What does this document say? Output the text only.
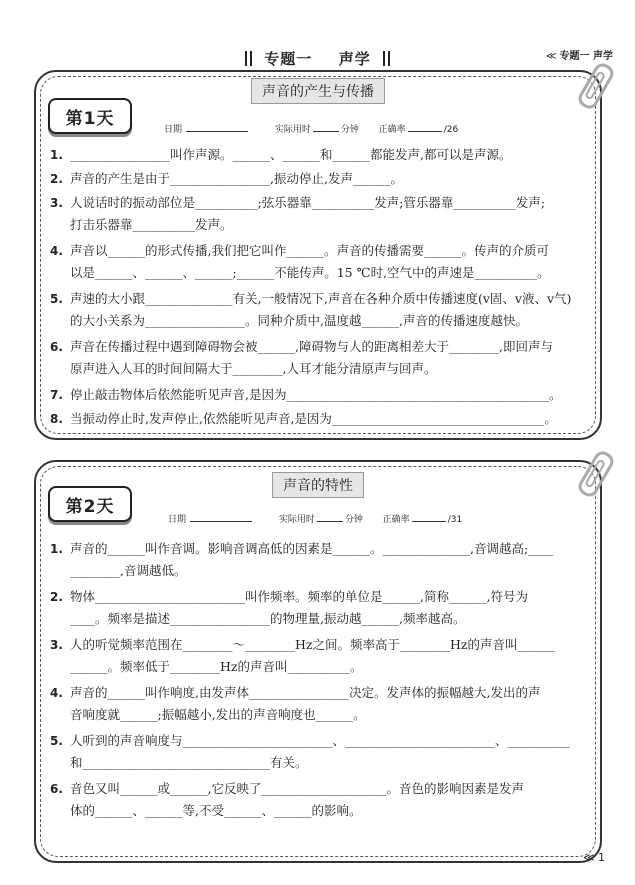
专题一 声学	≪ 专题一 声学
声音的产生与传播
第1天
日期	实际用时	分钟 正确率	/26
1. ________________叫作声源。______、______和______都能发声,都可以是声源。
2. 声音的产生是由于________________,振动停止,发声______。
3. 人说话时的振动部位是__________;弦乐器靠__________发声;管乐器靠__________发声;
打击乐器靠__________发声。
4. 声音以______的形式传播,我们把它叫作______。声音的传播需要______。传声的介质可
以是______、______、______;______不能传声。15 ℃时,空气中的声速是__________。
5. 声速的大小跟______________有关,一般情况下,声音在各种介质中传播速度(v固、v液、v气)
的大小关系为________________。同种介质中,温度越______,声音的传播速度越快。
6. 声音在传播过程中遇到障碍物会被______,障碍物与人的距离相差大于________,即回声与
原声进入人耳的时间间隔大于________,人耳才能分清原声与回声。
7. 停止敲击物体后依然能听见声音,是因为__________________________________________。
8. 当振动停止时,发声停止,依然能听见声音,是因为__________________________________。
声音的特性
第2天
日期	实际用时	分钟 正确率	/31
1. 声音的______叫作音调。影响音调高低的因素是______。______________,音调越高;____
________,音调越低。
2. 物体________________________叫作频率。频率的单位是______,简称______,符号为
____。频率是描述________________的物理量,振动越______,频率越高。
3. 人的听觉频率范围在________～________Hz之间。频率高于________Hz的声音叫______
______。频率低于________Hz的声音叫__________。
4. 声音的______叫作响度,由发声体________________决定。发声体的振幅越大,发出的声
音响度就______;振幅越小,发出的声音响度也______。
5. 人听到的声音响度与________________________、________________________、__________
和______________________________有关。
6. 音色又叫______或______,它反映了____________________。音色的影响因素是发声
体的______、______等,不受______、______的影响。
≪ 1
